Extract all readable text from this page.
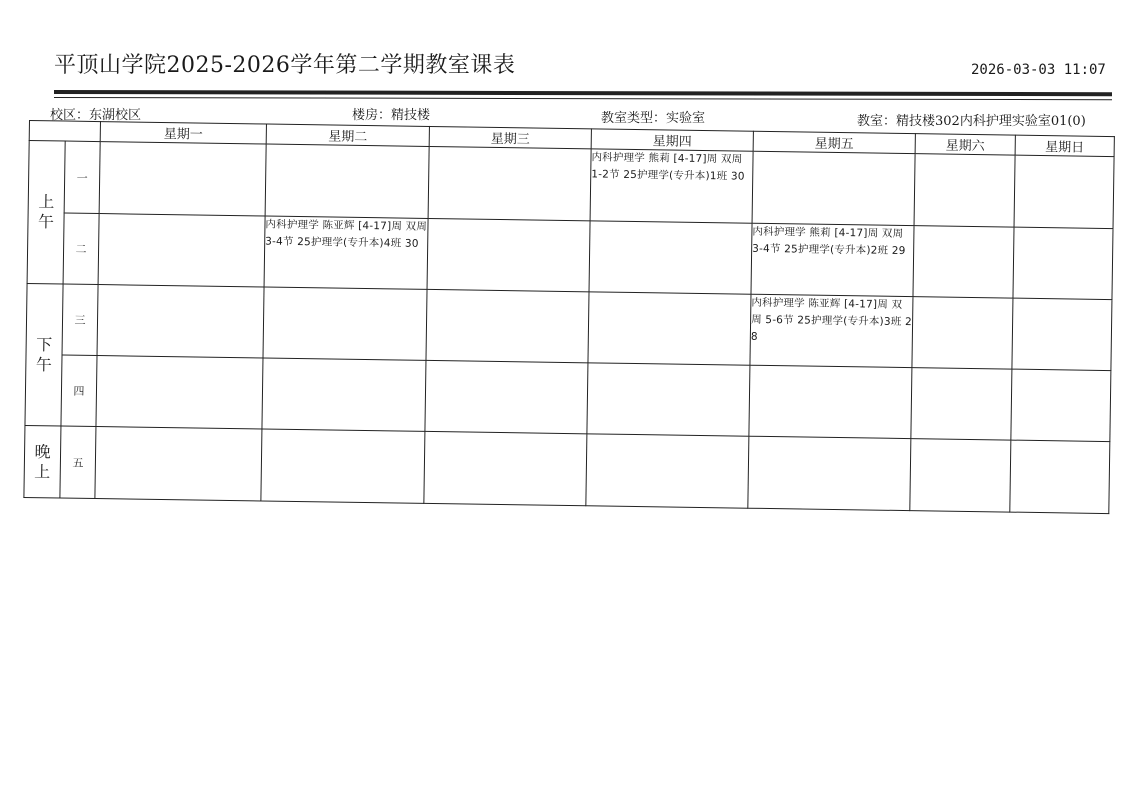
平顶山学院2025-2026学年第二学期教室课表	2026-03-03 11:07
校区：东湖校区	楼房：精技楼	教室类型：实验室	教室：精技楼302内科护理实验室01(0)
		星期一	星期二	星期三	星期四	星期五	星期六	星期日
上
午	一				内科护理学 熊莉 [4-17]周 双周 1-2节 25护理学(专升本)1班 30			
	二		内科护理学 陈亚辉 [4-17]周 双周 3-4节 25护理学(专升本)4班 30			内科护理学 熊莉 [4-17]周 双周 3-4节 25护理学(专升本)2班 29		
下
午	三					内科护理学 陈亚辉 [4-17]周 双周 5-6节 25护理学(专升本)3班 28		
	四							
晚
上	五							
